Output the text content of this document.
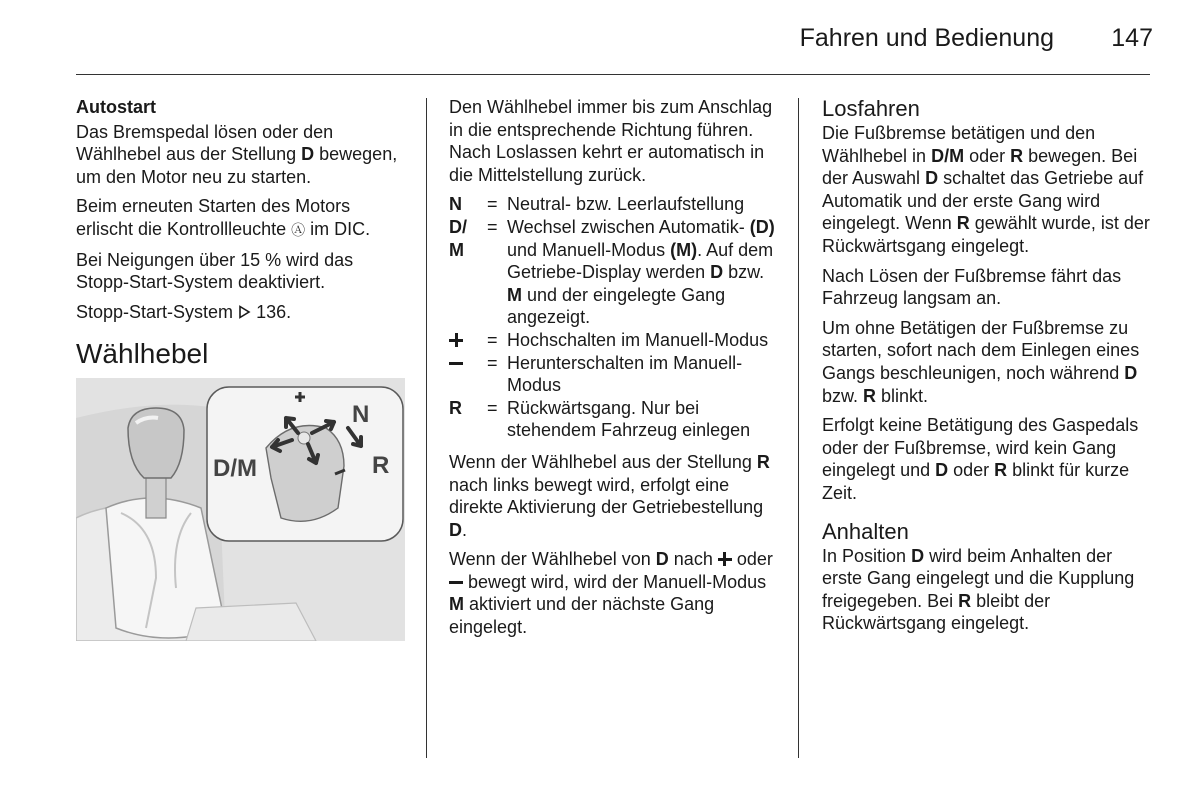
Fahren und Bedienung 147
Autostart

Das Bremspedal lösen oder den Wählhebel aus der Stellung D bewegen, um den Motor neu zu starten.

Beim erneuten Starten des Motors erlischt die Kontrollleuchte Ⓐ im DIC.

Bei Neigungen über 15 % wird das Stopp-Start-System deaktiviert.

Stopp-Start-System  136.

Wählhebel
D/M
N
R

Den Wählhebel immer bis zum Anschlag in die entsprechende Richtung führen. Nach Loslassen kehrt er automatisch in die Mittelstellung zurück.

N	= Neutral- bzw. Leerlaufstellung
D/ M
= Wechsel zwischen Automatik- (D) und Manuell-Modus (M). Auf dem Getriebe-Display werden D bzw. M und der eingelegte Gang angezeigt.
= Hochschalten im Manuell-Modus
= Herunterschalten im Manuell-Modus
R	= Rückwärtsgang. Nur bei stehendem Fahrzeug einlegen

Wenn der Wählhebel aus der Stellung R nach links bewegt wird, erfolgt eine direkte Aktivierung der Getriebestellung D.

Wenn der Wählhebel von D nach  oder  bewegt wird, wird der Manuell-Modus M aktiviert und der nächste Gang eingelegt.

Losfahren

Die Fußbremse betätigen und den Wählhebel in D/M oder R bewegen. Bei der Auswahl D schaltet das Getriebe auf Automatik und der erste Gang wird eingelegt. Wenn R gewählt wurde, ist der Rückwärtsgang eingelegt.

Nach Lösen der Fußbremse fährt das Fahrzeug langsam an.

Um ohne Betätigen der Fußbremse zu starten, sofort nach dem Einlegen eines Gangs beschleunigen, noch während D bzw. R blinkt.

Erfolgt keine Betätigung des Gaspedals oder der Fußbremse, wird kein Gang eingelegt und D oder R blinkt für kurze Zeit.

Anhalten

In Position D wird beim Anhalten der erste Gang eingelegt und die Kupplung freigegeben. Bei R bleibt der Rückwärtsgang eingelegt.
